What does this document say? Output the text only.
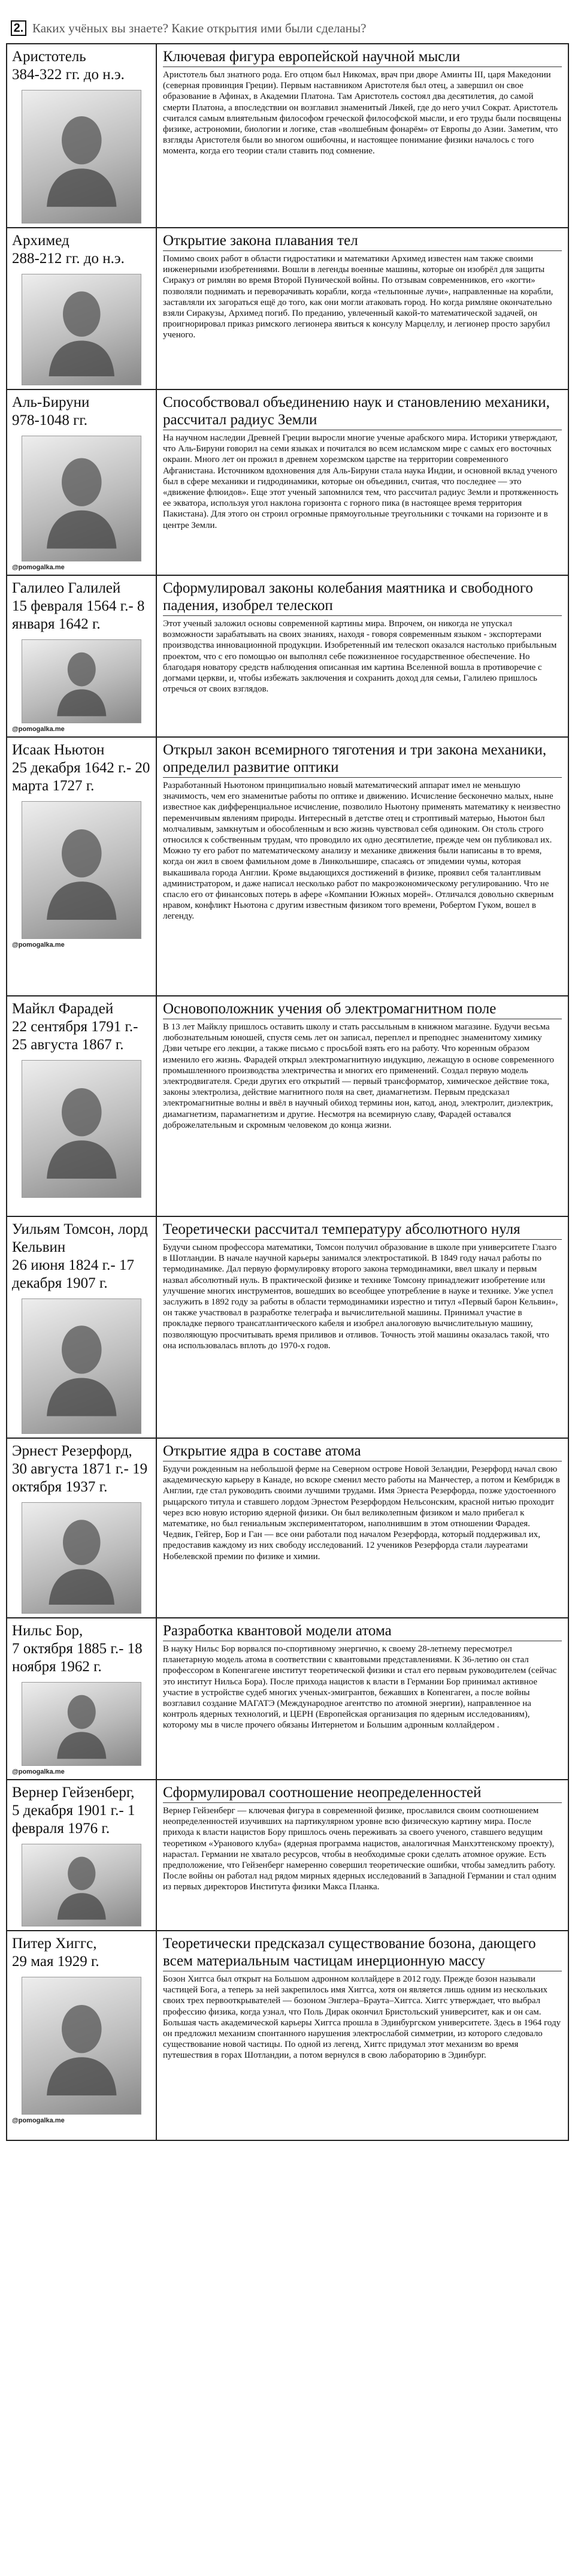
2. Каких учёных вы знаете? Какие открытия ими были сделаны?
Аристотель
384-322 гг. до н.э.
Ключевая фигура европейской научной мысли
Аристотель был знатного рода. Его отцом был Никомах, врач при дворе Аминты III, царя Македонии (северная провинция Греции). Первым наставником Аристотеля был отец, а завершил он свое образование в Афинах, в Академии Платона. Там Аристотель состоял два десятилетия, до самой смерти Платона, а впоследствии он возглавил знаменитый Ликей, где до него учил Сократ. Аристотель считался самым влиятельным философом греческой философской мысли, и его труды были посвящены физике, астрономии, биологии и логике, став «волшебным фонарём» от Европы до Азии. Заметим, что взгляды Аристотеля были во многом ошибочны, и настоящее понимание физики началось с того момента, когда его теории стали ставить под сомнение.
Архимед
288-212 гг. до н.э.
Открытие закона плавания тел
Помимо своих работ в области гидростатики и математики Архимед известен нам также своими инженерными изобретениями. Вошли в легенды военные машины, которые он изобрёл для защиты Сиракуз от римлян во время Второй Пунической войны. По отзывам современников, его «когти» позволяли поднимать и переворачивать корабли, когда «тельпонные лучи», направленные на корабли, заставляли их загораться ещё до того, как они могли атаковать город. Но когда римляне окончательно взяли Сиракузы, Архимед погиб. По преданию, увлеченный какой-то математической задачей, он проигнорировал приказ римского легионера явиться к консулу Марцеллу, и легионер просто зарубил ученого.
Аль-Бируни
978-1048 гг.
@pomogalka.me
Способствовал объединению наук и становлению механики, рассчитал радиус Земли
На научном наследии Древней Греции выросли многие ученые арабского мира. Историки утверждают, что Аль-Бируни говорил на семи языках и почитался во всем исламском мире с самых его восточных окраин. Много лет он прожил в древнем хорезмском царстве на территории современного Афганистана. Источником вдохновения для Аль-Бируни стала наука Индии, и основной вклад ученого был в сфере механики и гидродинамики, которые он объединил, считая, что последнее — это «движение флюидов». Еще этот ученый запомнился тем, что рассчитал радиус Земли и протяженность ее экватора, используя угол наклона горизонта с горного пика (в настоящее время территория Пакистана). Для этого он строил огромные прямоугольные треугольники с точками на горизонте и в центре Земли.
Галилео Галилей
15 февраля 1564 г.- 8 января 1642 г.
@pomogalka.me
Сформулировал законы колебания маятника и свободного падения, изобрел телескоп
Этот ученый заложил основы современной картины мира. Впрочем, он никогда не упускал возможности зарабатывать на своих знаниях, находя - говоря современным языком - экспортерами производства инновационной продукции. Изобретенный им телескоп оказался настолько прибыльным проектом, что с его помощью он выполнял себе пожизненное государственное обеспечение. Но благодаря новатору средств наблюдения описанная им картина Вселенной вошла в противоречие с догмами церкви, и, чтобы избежать заключения и сохранить доход для семьи, Галилею пришлось отречься от своих взглядов.
Исаак Ньютон
25 декабря 1642 г.- 20 марта 1727 г.
@pomogalka.me
Открыл закон всемирного тяготения и три закона механики, определил развитие оптики
Разработанный Ньютоном принципиально новый математический аппарат имел не меньшую значимость, чем его знаменитые работы по оптике и движению. Исчисление бесконечно малых, ныне известное как дифференциальное исчисление, позволило Ньютону применять математику к неизвестно переменчивым явлениям природы. Интересный в детстве отец и строптивый матерью, Ньютон был молчаливым, замкнутым и обособленным и всю жизнь чувствовал себя одиноким. Он столь строго относился к собственным трудам, что проводило их одно десятилетие, прежде чем он публиковал их. Можно ту его работ по математическому анализу и механике движения были написаны в то время, когда он жил в своем фамильном доме в Линкольншире, спасаясь от эпидемии чумы, которая выкашивала города Англии. Кроме выдающихся достижений в физике, проявил себя талантливым администратором, и даже написал несколько работ по макроэкономическому регулированию. Что не спасло его от финансовых потерь в афере «Компании Южных морей». Отличался довольно скверным нравом, конфликт Ньютона с другим известным физиком того времени, Робертом Гуком, вошел в легенду.
Майкл Фарадей
22 сентября 1791 г.- 25 августа 1867 г.
Основоположник учения об электромагнитном поле
В 13 лет Майклу пришлось оставить школу и стать рассыльным в книжном магазине. Будучи весьма любознательным юношей, спустя семь лет он записал, переплел и преподнес знаменитому химику Дэви четыре его лекции, а также письмо с просьбой взять его на работу. Что коренным образом изменило его жизнь. Фарадей открыл электромагнитную индукцию, лежащую в основе современного промышленного производства электричества и многих его применений. Создал первую модель электродвигателя. Среди других его открытий — первый трансформатор, химическое действие тока, законы электролиза, действие магнитного поля на свет, диамагнетизм. Первым предсказал электромагнитные волны и ввёл в научный обиход термины ион, катод, анод, электролит, диэлектрик, диамагнетизм, парамагнетизм и другие. Несмотря на всемирную славу, Фарадей оставался доброжелательным и скромным человеком до конца жизни.
Уильям Томсон, лорд Кельвин
26 июня 1824 г.- 17 декабря 1907 г.
Теоретически рассчитал температуру абсолютного нуля
Будучи сыном профессора математики, Томсон получил образование в школе при университете Глазго в Шотландии. В начале научной карьеры занимался электростатикой. В 1849 году начал работы по термодинамике. Дал первую формулировку второго закона термодинамики, ввел шкалу и первым назвал абсолютный нуль. В практической физике и технике Томсону принадлежит изобретение или улучшение многих инструментов, вошедших во всеобщее употребление в науке и технике. Уже успел заслужить в 1892 году за работы в области термодинамики изрестно и титул «Первый барон Кельвин», он также участвовал в разработке телеграфа и вычислительной машины. Принимал участие в прокладке первого трансатлантического кабеля и изобрел аналоговую вычислительную машину, позволяющую просчитывать время приливов и отливов. Точность этой машины оказалась такой, что она использовалась вплоть до 1970-х годов.
Эрнест Резерфорд,
30 августа 1871 г.- 19 октября 1937 г.
Открытие ядра в составе атома
Будучи рожденным на небольшой ферме на Северном острове Новой Зеландии, Резерфорд начал свою академическую карьеру в Канаде, но вскоре сменил место работы на Манчестер, а потом и Кембридж в Англии, где стал руководить своими лучшими трудами. Имя Эрнеста Резерфорда, позже удостоенного рыцарского титула и ставшего лордом Эрнестом Резерфордом Нельсонским, красной нитью проходит через всю новую историю ядерной физики. Он был великолепным физиком и мало прибегал к математике, но был гениальным экспериментатором, наполнившим в этом отношении Фарадея. Чедвик, Гейгер, Бор и Ган — все они работали под началом Резерфорда, который поддерживал их, предоставив каждому из них свободу исследований. 12 учеников Резерфорда стали лауреатами Нобелевской премии по физике и химии.
Нильс Бор,
7 октября 1885 г.- 18 ноября 1962 г.
@pomogalka.me
Разработка квантовой модели атома
В науку Нильс Бор ворвался по-спортивному энергично, к своему 28-летнему пересмотрел планетарную модель атома в соответствии с квантовыми представлениями. К 36-летию он стал профессором в Копенгагене институт теоретической физики и стал его первым руководителем (сейчас это институт Нильса Бора). После прихода нацистов к власти в Германии Бор принимал активное участие в устройстве судеб многих ученых-эмигрантов, бежавших в Копенгаген, а после войны возглавил создание МАГАТЭ (Международное агентство по атомной энергии), направленное на контроль ядерных технологий, и ЦЕРН (Европейская организация по ядерным исследованиям), которому мы в числе прочего обязаны Интернетом и Большим адронным коллайдером .
Вернер Гейзенберг,
5 декабря 1901 г.- 1 февраля 1976 г.
Сформулировал соотношение неопределенностей
Вернер Гейзенберг — ключевая фигура в современной физике, прославился своим соотношением неопределенностей изучивших на партикулярном уровне всю физическую картину мира. После прихода к власти нацистов Бору пришлось очень переживать за своего ученого, ставшего ведущим теоретиком «Уранового клуба» (ядерная программа нацистов, аналогичная Манхэттенскому проекту), нарастал. Германии не хватало ресурсов, чтобы в необходимые сроки сделать атомное оружие. Есть предположение, что Гейзенберг намеренно совершил теоретические ошибки, чтобы замедлить работу. После войны он работал над рядом мирных ядерных исследований в Западной Германии и стал одним из первых директоров Института физики Макса Планка.
Питер Хиггс,
29 мая 1929 г.
@pomogalka.me
Теоретически предсказал существование бозона, дающего всем материальным частицам инерционную массу
Бозон Хиггса был открыт на Большом адронном коллайдере в 2012 году. Прежде бозон называли частицей Бога, а теперь за ней закрепилось имя Хиггса, хотя он является лишь одним из нескольких своих трех первооткрывателей — бозоном Энглера–Браута–Хиггса. Хиггс утверждает, что выбрал профессию физика, когда узнал, что Поль Дирак окончил Бристольский университет, как и он сам. Большая часть академической карьеры Хиггса прошла в Эдинбургском университете. Здесь в 1964 году он предложил механизм спонтанного нарушения электрослабой симметрии, из которого следовало существование новой частицы. По одной из легенд, Хиггс придумал этот механизм во время путешествия в горах Шотландии, а потом вернулся в свою лабораторию в Эдинбург.
